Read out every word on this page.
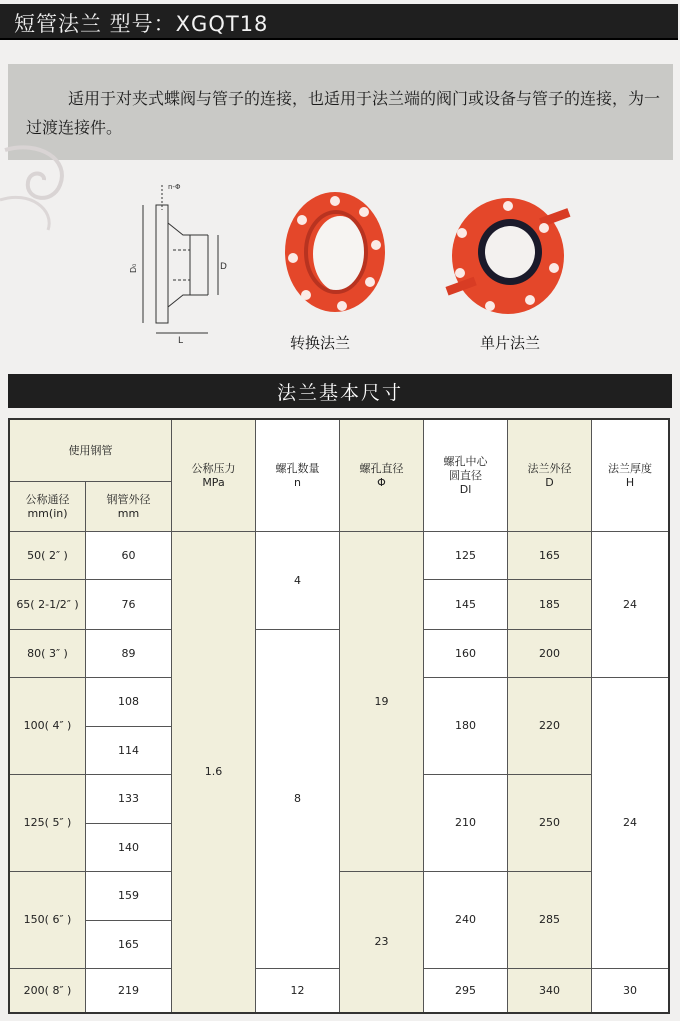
短管法兰 型号：XGQT18

适用于对夹式蝶阀与管子的连接，也适用于法兰端的阀门或设备与管子的连接，为一过渡连接件。

D₀	D
L
n-Φ
转换法兰	单片法兰
法兰基本尺寸
使用钢管
公称通径
mm(in)
钢管外径
mm
公称压力
MPa
螺孔数量
n
螺孔直径
Φ
螺孔中心
圆直径
Dl
法兰外径
D
法兰厚度
H
50( 2″ )
65( 2-1/2″ )
80( 3″ )
100( 4″ )
125( 5″ )
150( 6″ )
200( 8″ )
60
76
89
108
114
133
140
159
165
219
1.6
4
8
12
19
23
125
145
160
180
210
240
295
165
185
200
220
250
285
340
24
24
30
